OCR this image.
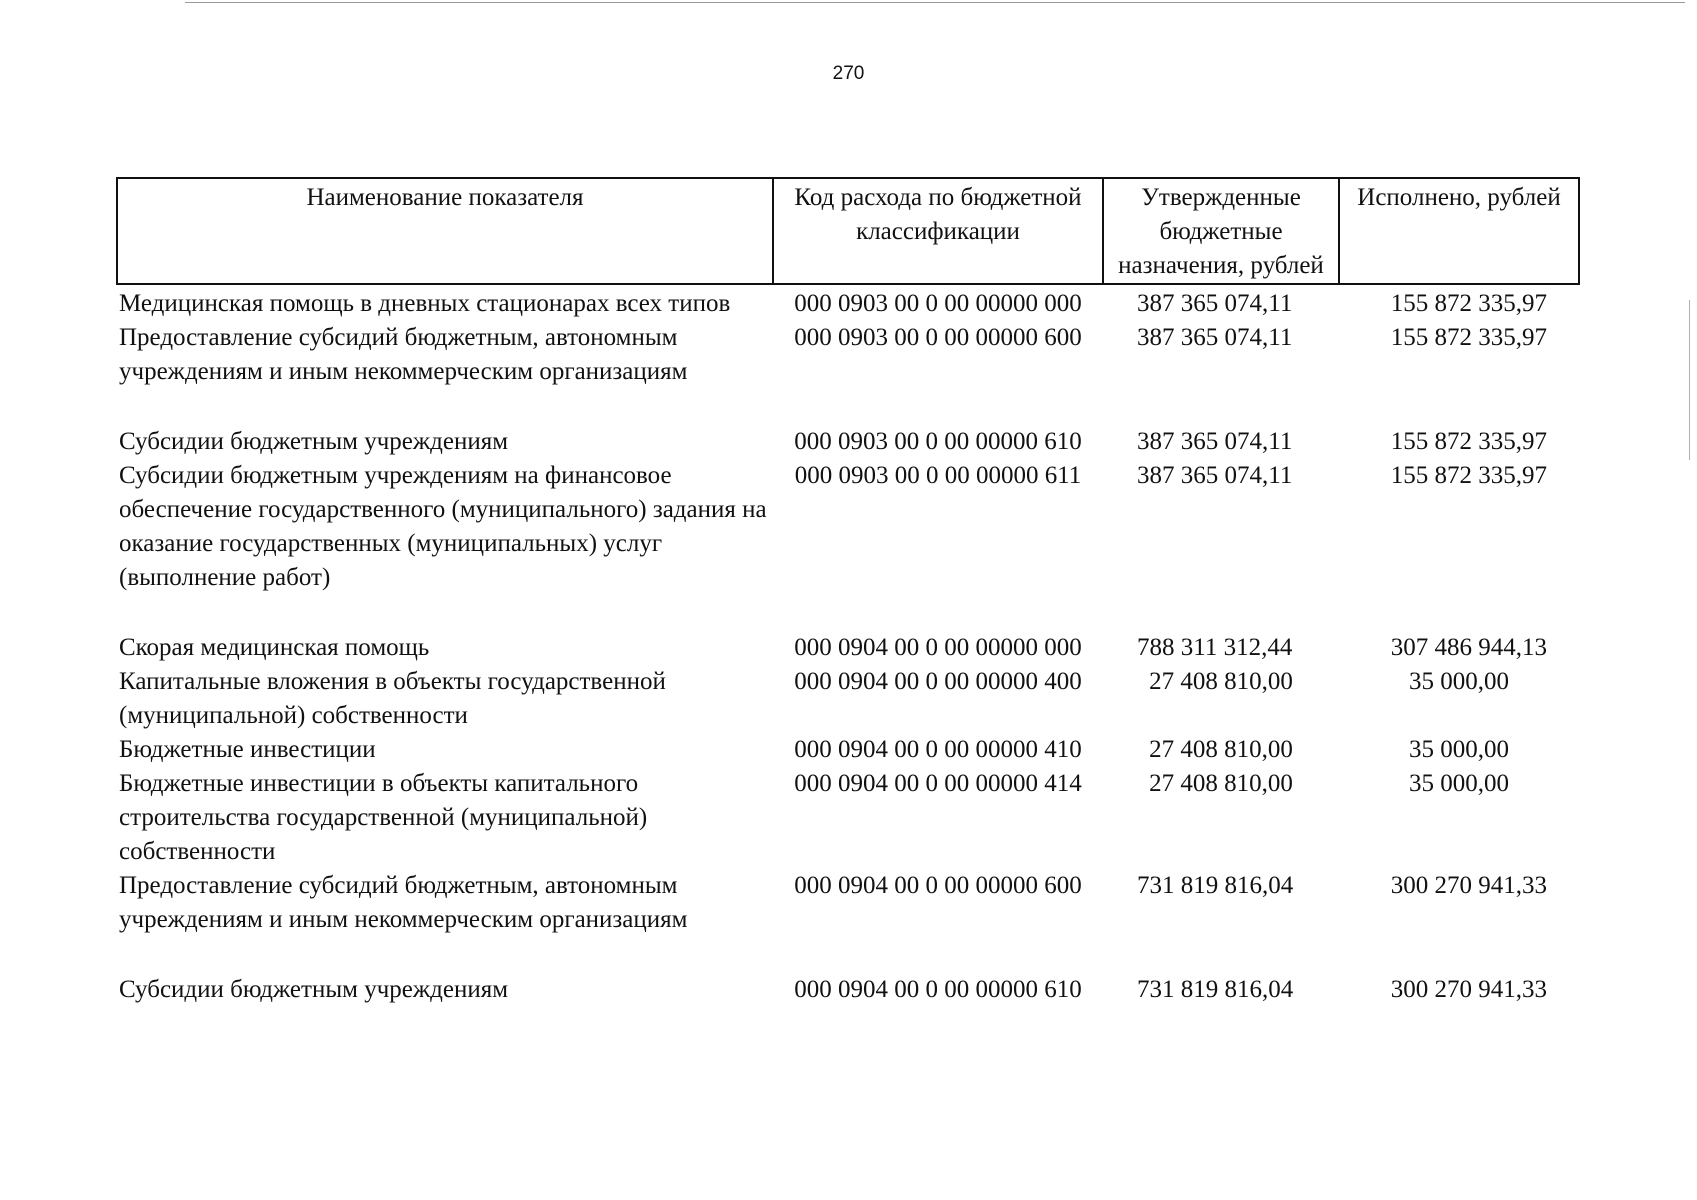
270
Наименование показателя	Код расхода по бюджетной классификации	Утвержденные бюджетные назначения, рублей	Исполнено, рублей
Медицинская помощь в дневных стационарах всех типов	000 0903 00 0 00 00000 000	387 365 074,11	155 872 335,97
Предоставление субсидий бюджетным, автономным учреждениям и иным некоммерческим организациям	000 0903 00 0 00 00000 600	387 365 074,11	155 872 335,97
Субсидии бюджетным учреждениям	000 0903 00 0 00 00000 610	387 365 074,11	155 872 335,97
Субсидии бюджетным учреждениям на финансовое обеспечение государственного (муниципального) задания на оказание государственных (муниципальных) услуг (выполнение работ)	000 0903 00 0 00 00000 611	387 365 074,11	155 872 335,97
Скорая медицинская помощь	000 0904 00 0 00 00000 000	788 311 312,44	307 486 944,13
Капитальные вложения в объекты государственной (муниципальной) собственности	000 0904 00 0 00 00000 400	27 408 810,00	35 000,00
Бюджетные инвестиции	000 0904 00 0 00 00000 410	27 408 810,00	35 000,00
Бюджетные инвестиции в объекты капитального строительства государственной (муниципальной) собственности	000 0904 00 0 00 00000 414	27 408 810,00	35 000,00
Предоставление субсидий бюджетным, автономным учреждениям и иным некоммерческим организациям	000 0904 00 0 00 00000 600	731 819 816,04	300 270 941,33
Субсидии бюджетным учреждениям	000 0904 00 0 00 00000 610	731 819 816,04	300 270 941,33
